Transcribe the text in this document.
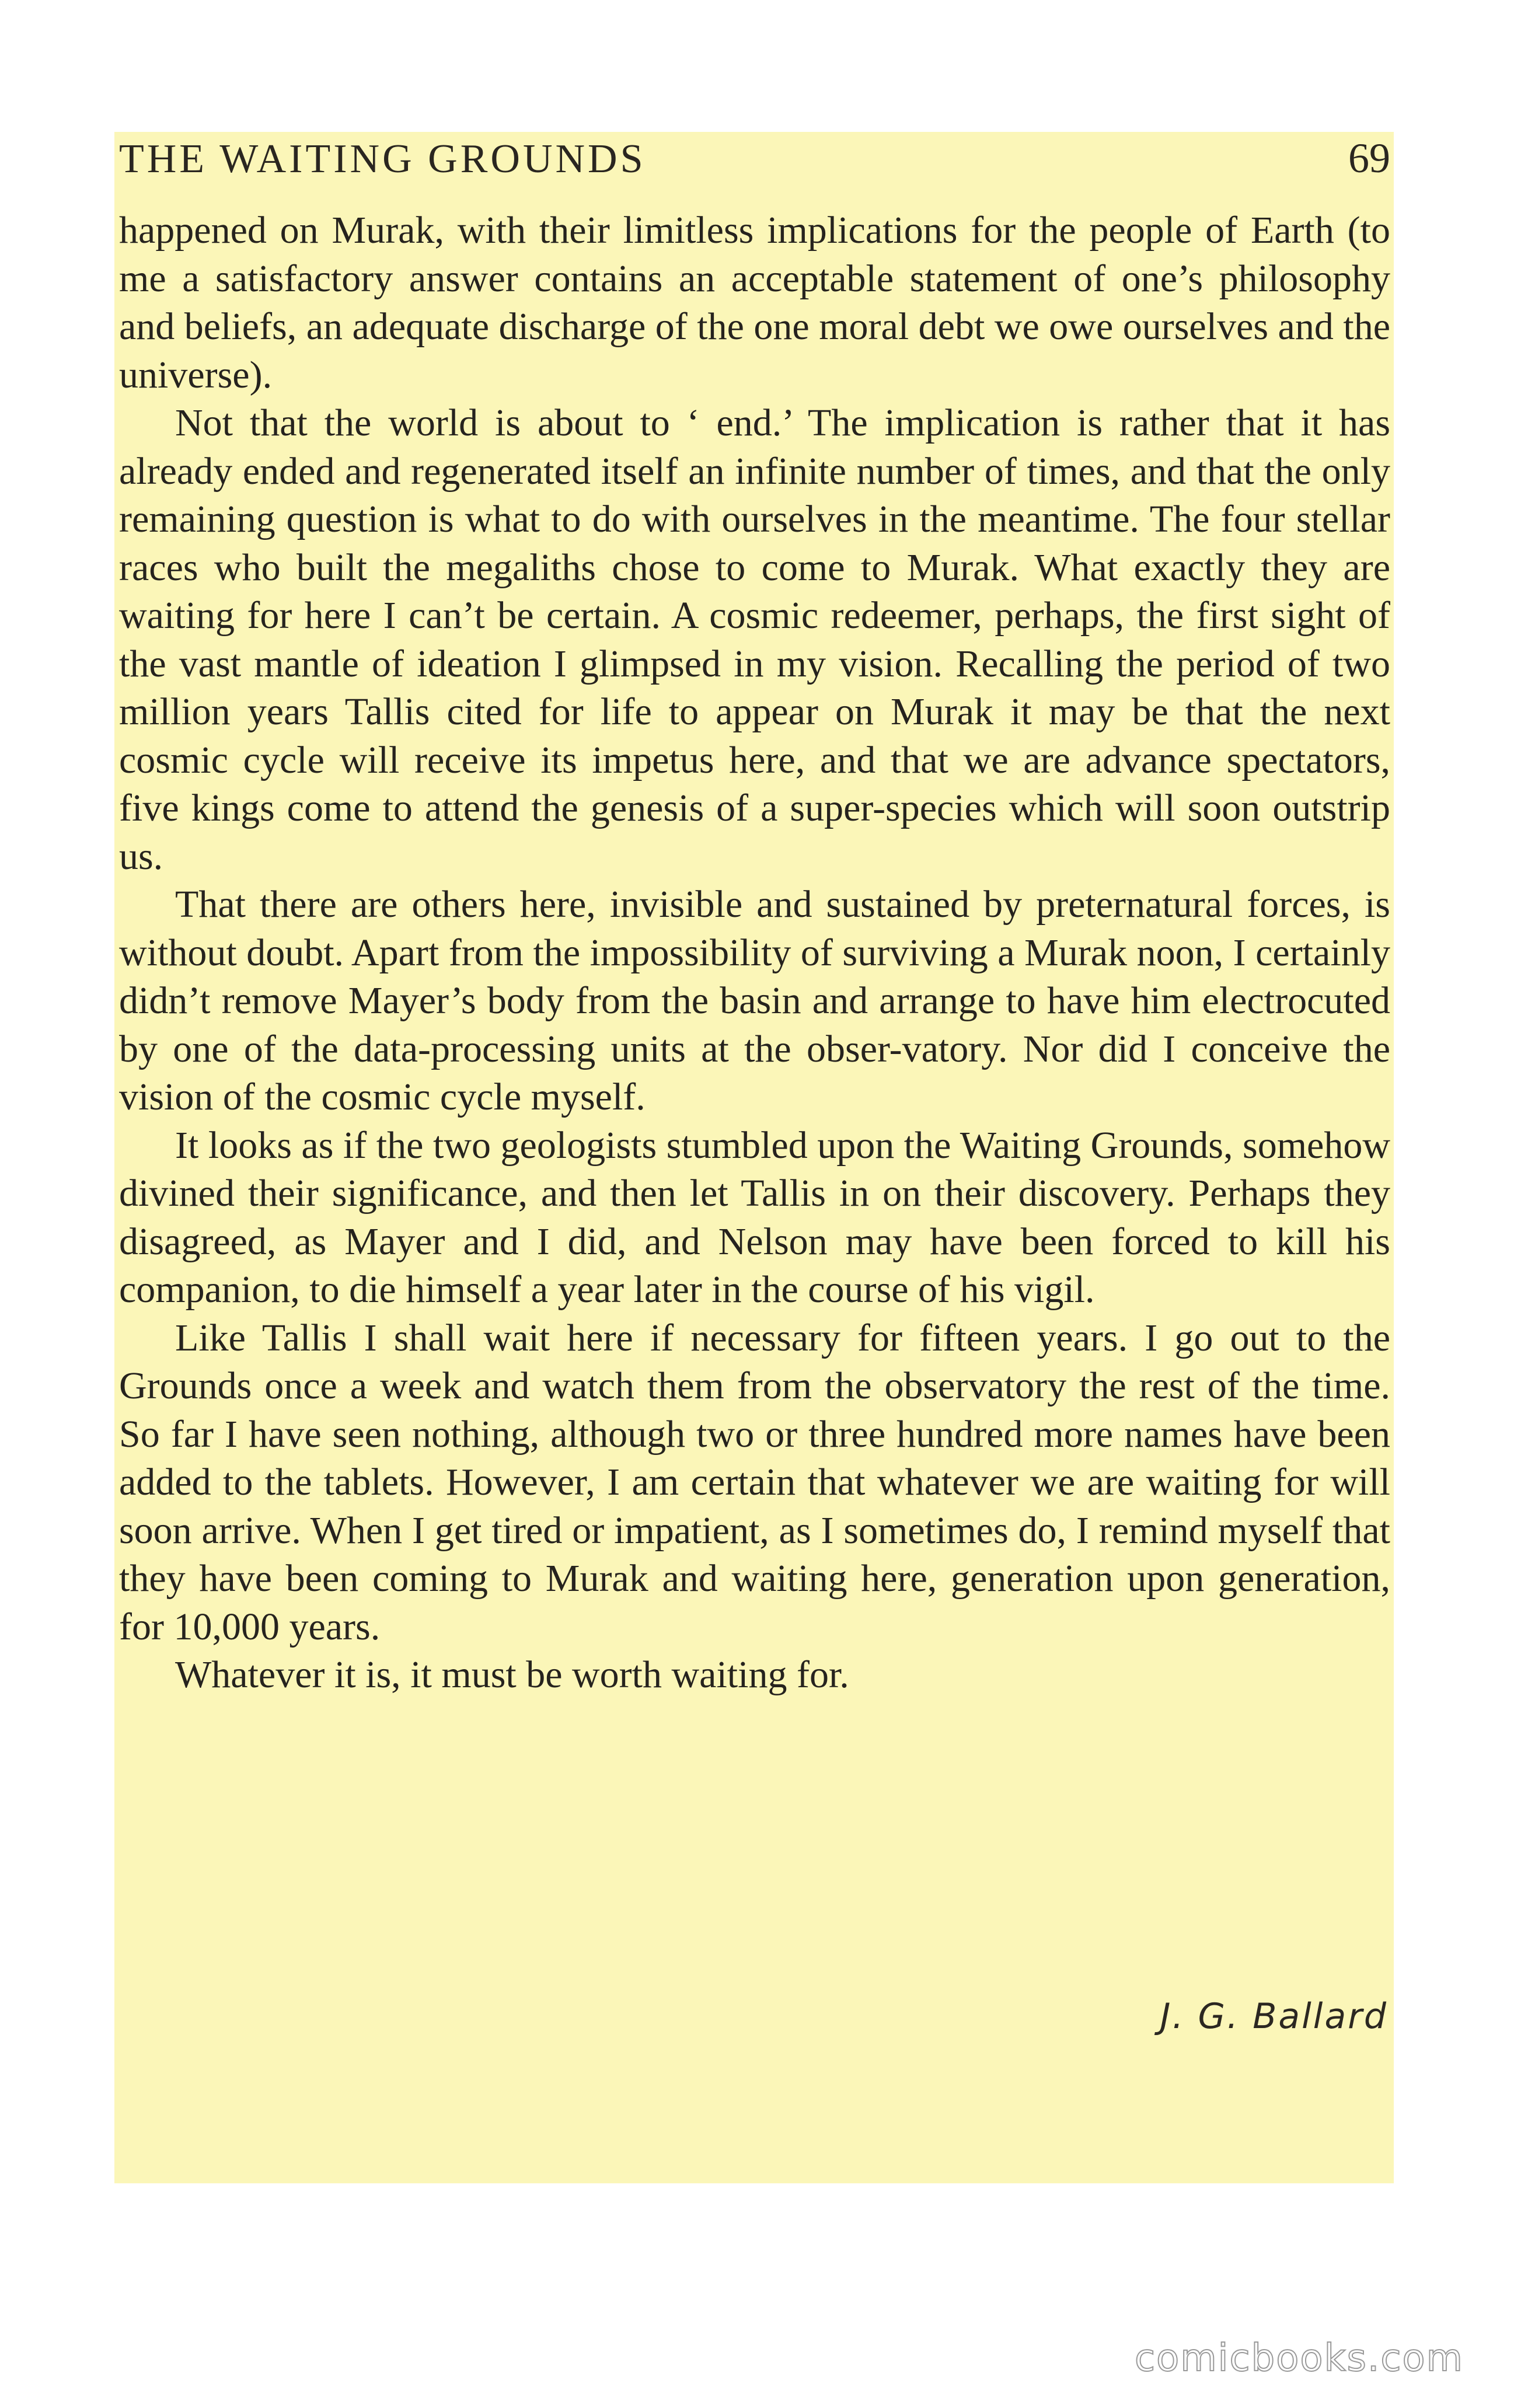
THE WAITING GROUNDS	69

happened on Murak, with their limitless implications for the people of Earth (to me a satisfactory answer contains an acceptable statement of one’s philosophy and beliefs, an adequate discharge of the one moral debt we owe ourselves and the universe).

Not that the world is about to ‘ end.’ The implication is rather that it has already ended and regenerated itself an infinite number of times, and that the only remaining question is what to do with ourselves in the meantime. The four stellar races who built the megaliths chose to come to Murak. What exactly they are waiting for here I can’t be certain. A cosmic redeemer, perhaps, the first sight of the vast mantle of ideation I glimpsed in my vision. Recalling the period of two million years Tallis cited for life to appear on Murak it may be that the next cosmic cycle will receive its impetus here, and that we are advance spectators, five kings come to attend the genesis of a super-species which will soon outstrip us.

That there are others here, invisible and sustained by preternatural forces, is without doubt. Apart from the impossibility of surviving a Murak noon, I certainly didn’t remove Mayer’s body from the basin and arrange to have him electrocuted by one of the data-processing units at the obser-vatory. Nor did I conceive the vision of the cosmic cycle myself.

It looks as if the two geologists stumbled upon the Waiting Grounds, somehow divined their significance, and then let Tallis in on their discovery. Perhaps they disagreed, as Mayer and I did, and Nelson may have been forced to kill his companion, to die himself a year later in the course of his vigil.

Like Tallis I shall wait here if necessary for fifteen years. I go out to the Grounds once a week and watch them from the observatory the rest of the time. So far I have seen nothing, although two or three hundred more names have been added to the tablets. However, I am certain that whatever we are waiting for will soon arrive. When I get tired or impatient, as I sometimes do, I remind myself that they have been coming to Murak and waiting here, generation upon generation, for 10,000 years.

Whatever it is, it must be worth waiting for.

J. G. Ballard
comicbooks.com
